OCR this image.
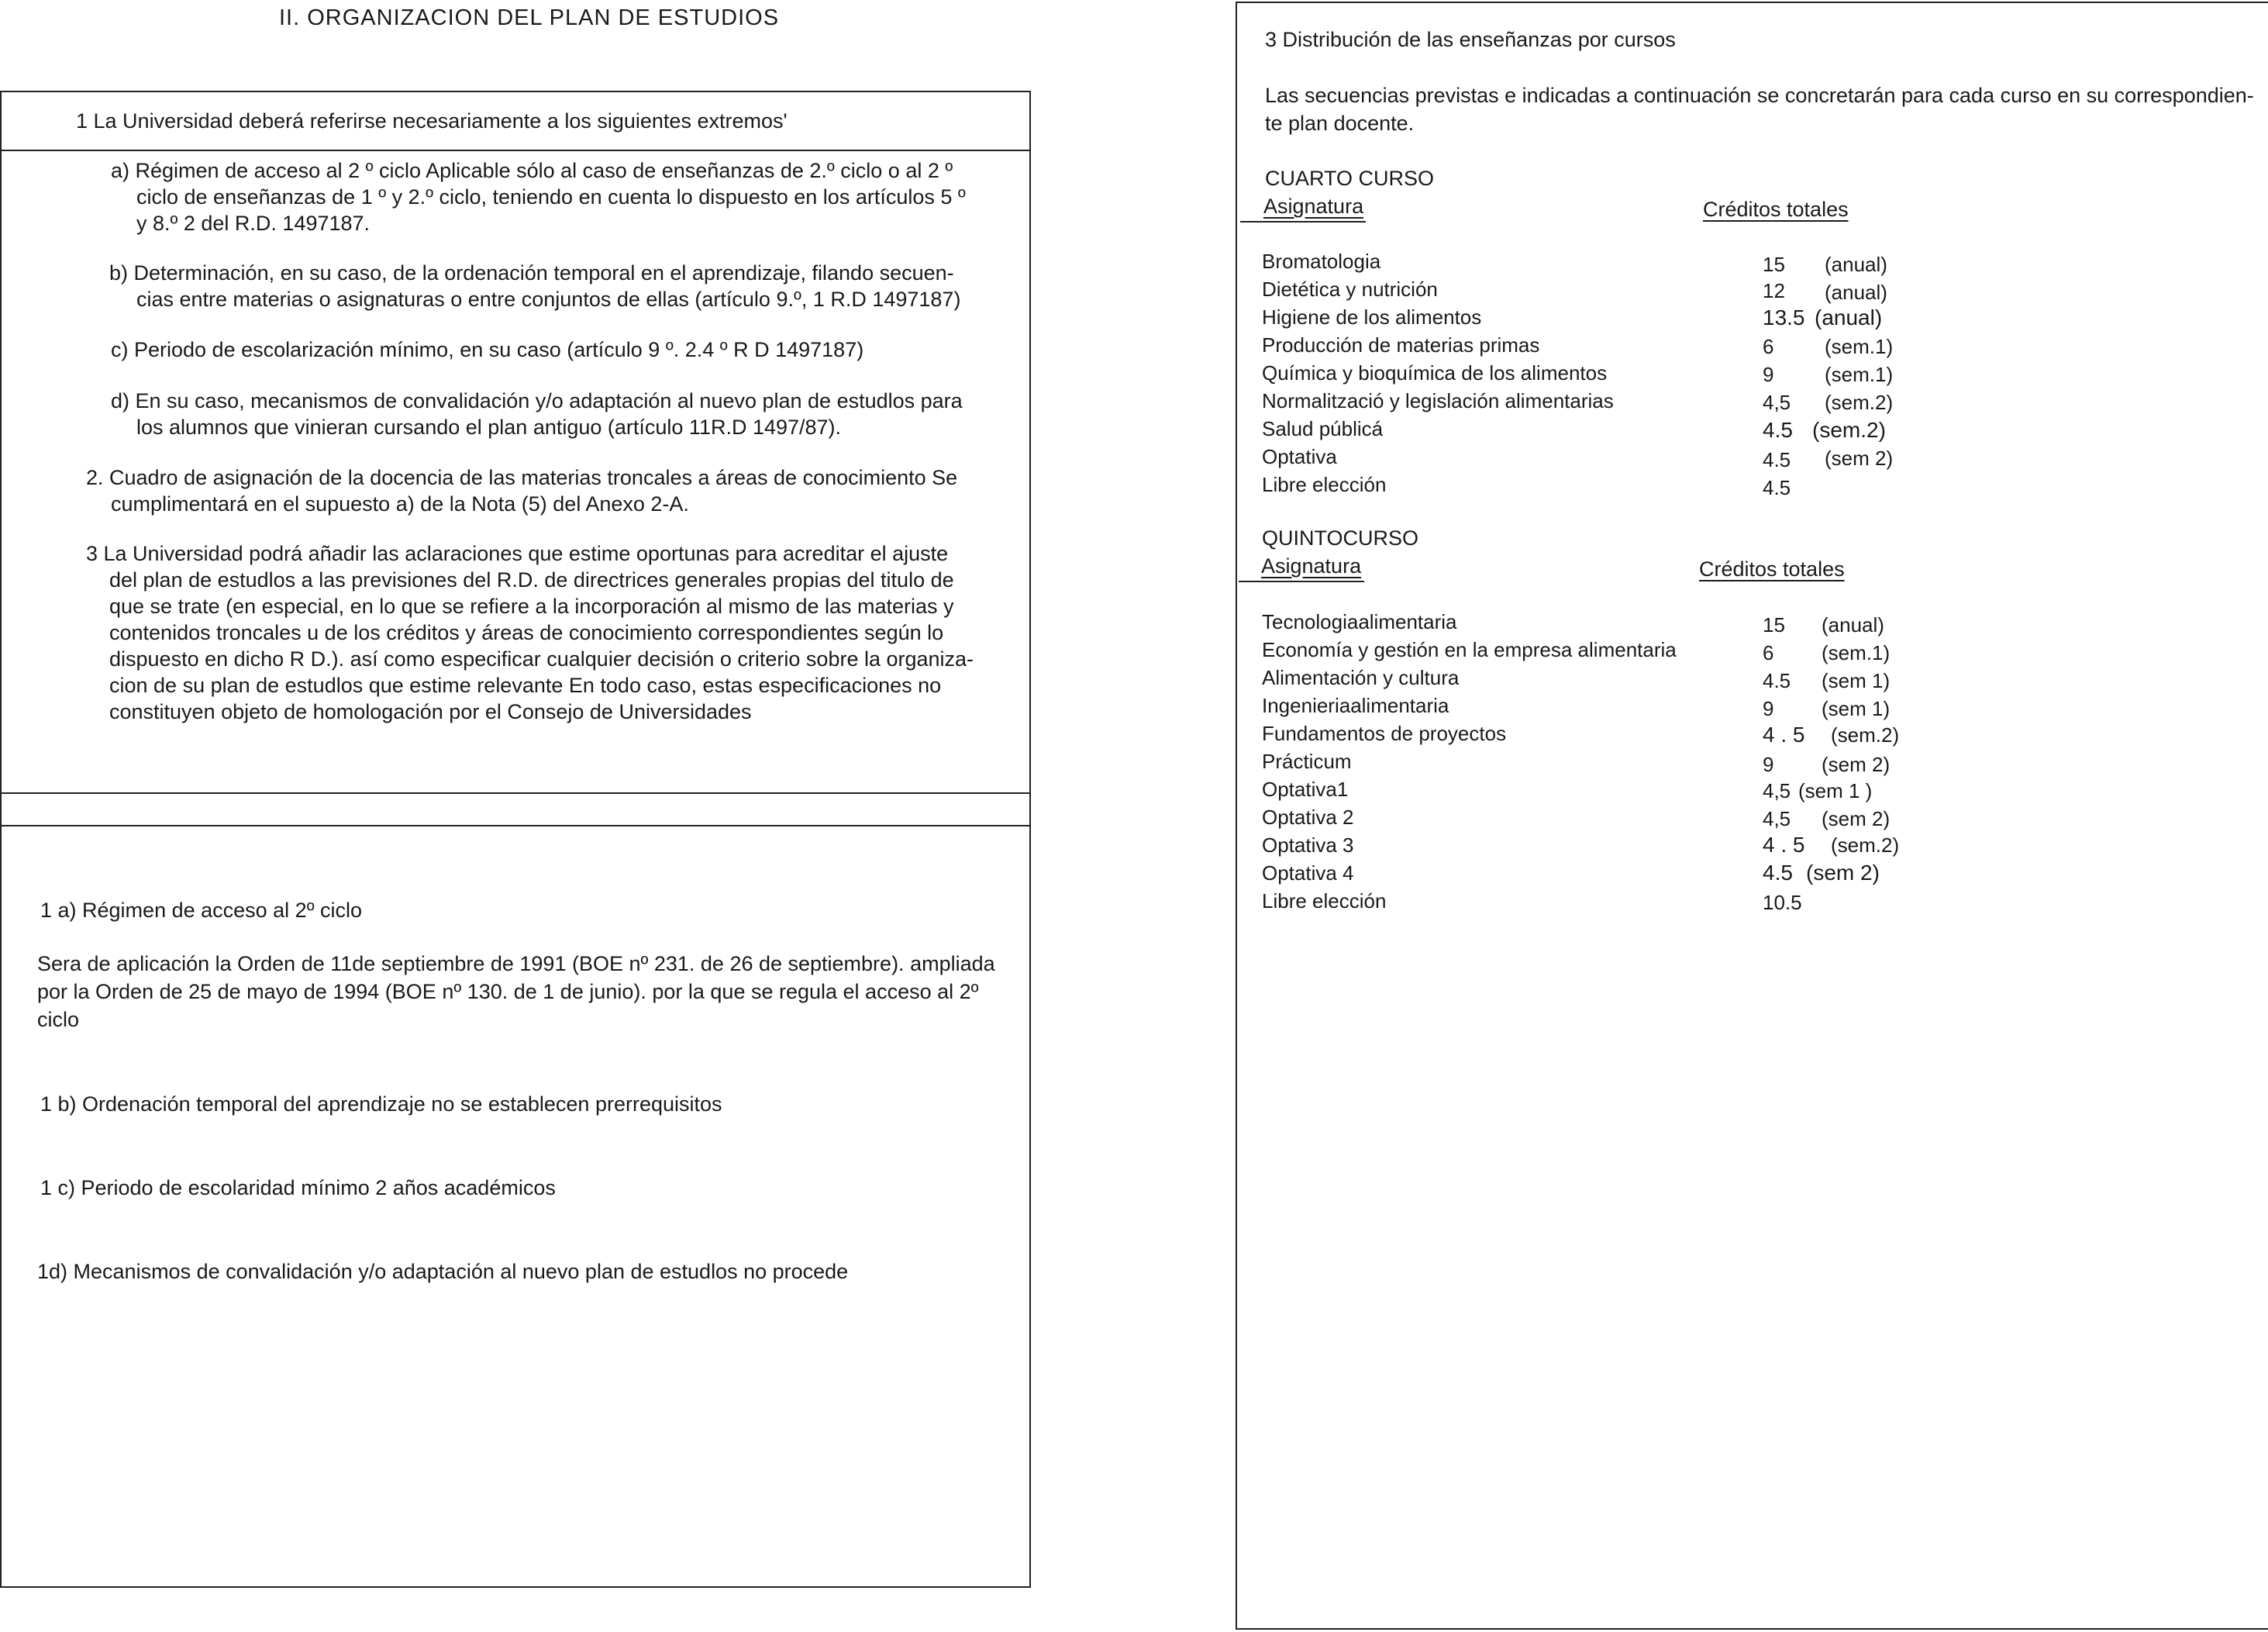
II. ORGANIZACION DEL PLAN DE ESTUDIOS
1 La Universidad deberá referirse necesariamente a los siguientes extremos'
a) Régimen de acceso al 2 º ciclo Aplicable sólo al caso de enseñanzas de 2.º ciclo o al 2 º
ciclo de enseñanzas de 1 º y 2.º ciclo, teniendo en cuenta lo dispuesto en los artículos 5 º
y 8.º 2 del R.D. 1497187.
b) Determinación, en su caso, de la ordenación temporal en el aprendizaje, filando secuen-
cias entre materias o asignaturas o entre conjuntos de ellas (artículo 9.º, 1 R.D 1497187)
c) Periodo de escolarización mínimo, en su caso (artículo 9 º. 2.4 º R D 1497187)
d) En su caso, mecanismos de convalidación y/o adaptación al nuevo plan de estudlos para
los alumnos que vinieran cursando el plan antiguo (artículo 11R.D 1497/87).
2. Cuadro de asignación de la docencia de las materias troncales a áreas de conocimiento Se
cumplimentará en el supuesto a) de la Nota (5) del Anexo 2-A.
3 La Universidad podrá añadir las aclaraciones que estime oportunas para acreditar el ajuste
del plan de estudlos a las previsiones del R.D. de directrices generales propias del titulo de
que se trate (en especial, en lo que se refiere a la incorporación al mismo de las materias y
contenidos troncales u de los créditos y áreas de conocimiento correspondientes según lo
dispuesto en dicho R D.). así como especificar cualquier decisión o criterio sobre la organiza-
cion de su plan de estudlos que estime relevante En todo caso, estas especificaciones no
constituyen objeto de homologación por el Consejo de Universidades
1 a) Régimen de acceso al 2º ciclo
Sera de aplicación la Orden de 11de septiembre de 1991 (BOE nº 231. de 26 de septiembre). ampliada
por la Orden de 25 de mayo de 1994 (BOE nº 130. de 1 de junio). por la que se regula el acceso al 2º
ciclo
1 b) Ordenación temporal del aprendizaje no se establecen prerrequisitos
1 c) Periodo de escolaridad mínimo 2 años académicos
1d) Mecanismos de convalidación y/o adaptación al nuevo plan de estudlos no procede
3 Distribución de las enseñanzas por cursos
Las secuencias previstas e indicadas a continuación se concretarán para cada curso en su correspondien-
te plan docente.
CUARTO CURSO
Asignatura	Créditos totales
Bromatologia	15 (anual)
Dietética y nutrición	12 (anual)
Higiene de los alimentos	13.5 (anual)
Producción de materias primas	6	(sem.1)
Química y bioquímica de los alimentos	9	(sem.1)
Normalització y legislación alimentarias	4,5 (sem.2)
Salud públicá	4.5 (sem.2)
Optativa	4.5 (sem 2)
Libre elección	4.5
QUINTOCURSO
Asignatura	Créditos totales
Tecnologiaalimentaria	15 (anual)
Economía y gestión en la empresa alimentaria	6 (sem.1)
Alimentación y cultura	4.5 (sem 1)
Ingenieriaalimentaria	9 (sem 1)
Fundamentos de proyectos	4 . 5 (sem.2)
Prácticum	9 (sem 2)
Optativa1	4,5 (sem 1 )
Optativa 2	4,5 (sem 2)
Optativa 3	4 . 5 (sem.2)
Optativa 4	4.5 (sem 2)
Libre elección	10.5
